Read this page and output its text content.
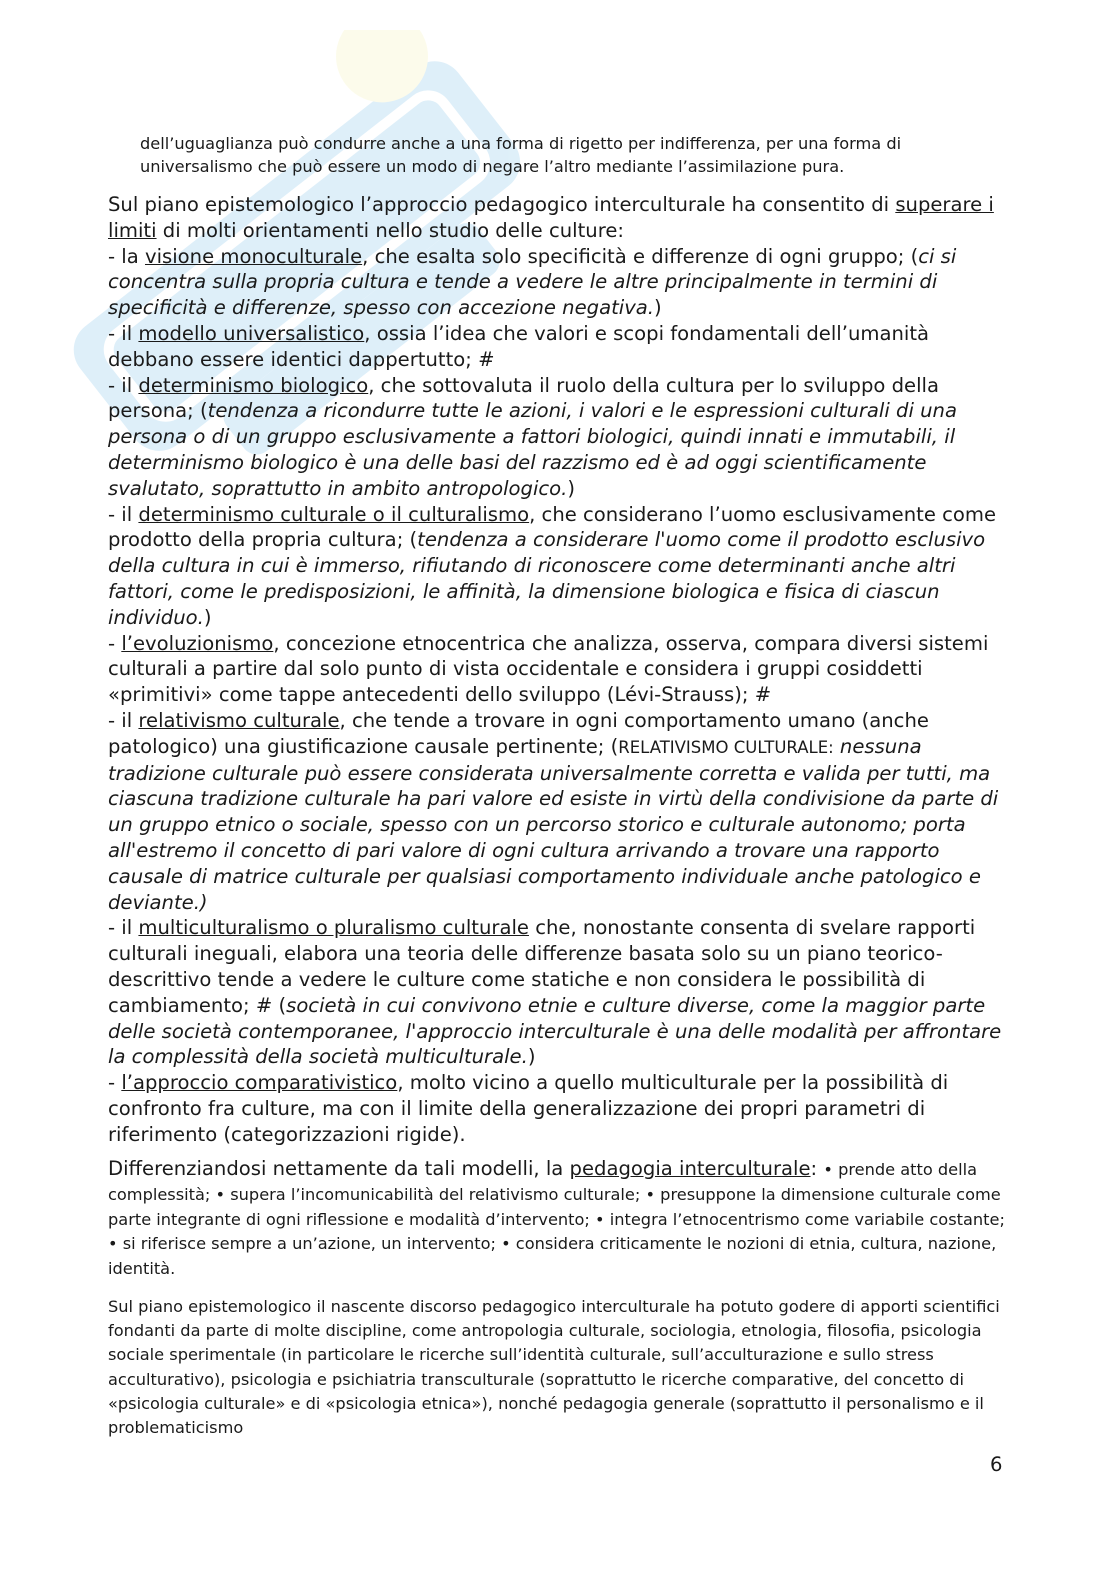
dell’uguaglianza può condurre anche a una forma di rigetto per indifferenza, per una forma di universalismo che può essere un modo di negare l’altro mediante l’assimilazione pura.

Sul piano epistemologico l’approccio pedagogico interculturale ha consentito di superare i limiti di molti orientamenti nello studio delle culture:

- la visione monoculturale, che esalta solo specificità e differenze di ogni gruppo; (ci si concentra sulla propria cultura e tende a vedere le altre principalmente in termini di specificità e differenze, spesso con accezione negativa.)

- il modello universalistico, ossia l’idea che valori e scopi fondamentali dell’umanità debbano essere identici dappertutto; #

- il determinismo biologico, che sottovaluta il ruolo della cultura per lo sviluppo della persona; (tendenza a ricondurre tutte le azioni, i valori e le espressioni culturali di una persona o di un gruppo esclusivamente a fattori biologici, quindi innati e immutabili, il determinismo biologico è una delle basi del razzismo ed è ad oggi scientificamente svalutato, soprattutto in ambito antropologico.)

- il determinismo culturale o il culturalismo, che considerano l’uomo esclusivamente come prodotto della propria cultura; (tendenza a considerare l'uomo come il prodotto esclusivo della cultura in cui è immerso, rifiutando di riconoscere come determinanti anche altri fattori, come le predisposizioni, le affinità, la dimensione biologica e fisica di ciascun individuo.)

- l’evoluzionismo, concezione etnocentrica che analizza, osserva, compara diversi sistemi culturali a partire dal solo punto di vista occidentale e considera i gruppi cosiddetti «primitivi» come tappe antecedenti dello sviluppo (Lévi-Strauss); #

- il relativismo culturale, che tende a trovare in ogni comportamento umano (anche patologico) una giustificazione causale pertinente; (RELATIVISMO CULTURALE: nessuna tradizione culturale può essere considerata universalmente corretta e valida per tutti, ma ciascuna tradizione culturale ha pari valore ed esiste in virtù della condivisione da parte di un gruppo etnico o sociale, spesso con un percorso storico e culturale autonomo; porta all'estremo il concetto di pari valore di ogni cultura arrivando a trovare una rapporto causale di matrice culturale per qualsiasi comportamento individuale anche patologico e deviante.)

- il multiculturalismo o pluralismo culturale che, nonostante consenta di svelare rapporti culturali ineguali, elabora una teoria delle differenze basata solo su un piano teorico-descrittivo tende a vedere le culture come statiche e non considera le possibilità di cambiamento; # (società in cui convivono etnie e culture diverse, come la maggior parte delle società contemporanee, l'approccio interculturale è una delle modalità per affrontare la complessità della società multiculturale.)

- l’approccio comparativistico, molto vicino a quello multiculturale per la possibilità di confronto fra culture, ma con il limite della generalizzazione dei propri parametri di riferimento (categorizzazioni rigide).

Differenziandosi nettamente da tali modelli, la pedagogia interculturale: • prende atto della complessità; • supera l’incomunicabilità del relativismo culturale; • presuppone la dimensione culturale come parte integrante di ogni riflessione e modalità d’intervento; • integra l’etnocentrismo come variabile costante; • si riferisce sempre a un’azione, un intervento; • considera criticamente le nozioni di etnia, cultura, nazione, identità.

Sul piano epistemologico il nascente discorso pedagogico interculturale ha potuto godere di apporti scientifici fondanti da parte di molte discipline, come antropologia culturale, sociologia, etnologia, filosofia, psicologia sociale sperimentale (in particolare le ricerche sull’identità culturale, sull’acculturazione e sullo stress acculturativo), psicologia e psichiatria transculturale (soprattutto le ricerche comparative, del concetto di «psicologia culturale» e di «psicologia etnica»), nonché pedagogia generale (soprattutto il personalismo e il problematicismo

6
